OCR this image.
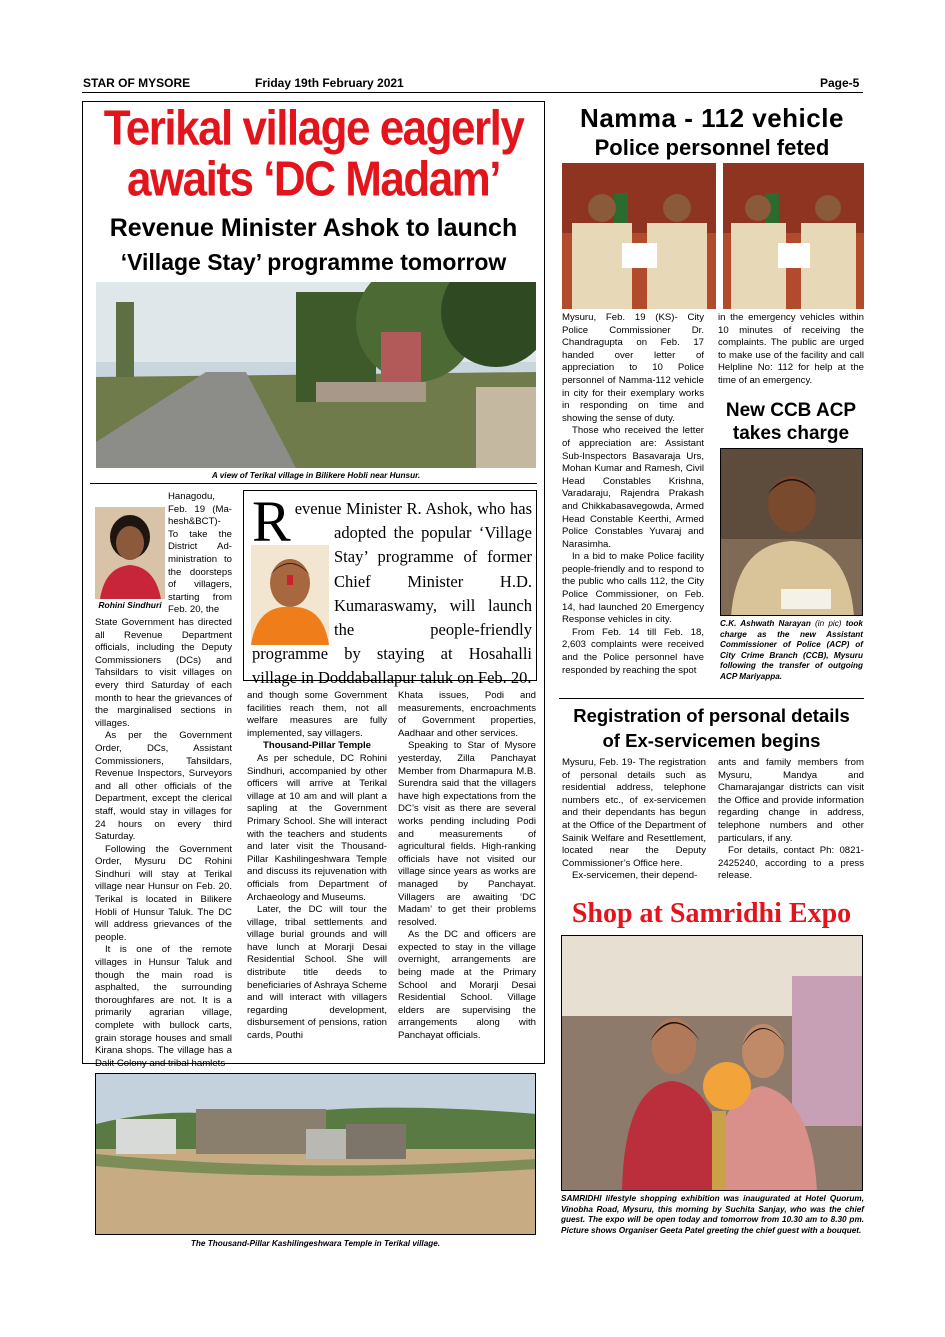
STAR OF MYSORE	Friday 19th February 2021	Page-5
Terikal village eagerly
awaits ‘DC Madam’
Revenue Minister Ashok to launch
‘Village Stay’ programme tomorrow
A view of Terikal village in Bilikere Hobli near Hunsur.
Hanagodu, Feb. 19 (Ma-hesh&BCT)- To take the District Ad-ministration to the doorsteps of villagers, starting from Feb. 20, the
Rohini Sindhuri

State Government has directed all Revenue Department officials, including the Deputy Commissioners (DCs) and Tahsildars to visit villages on every third Saturday of each month to hear the grievances of the marginalised sections in villages.

As per the Government Order, DCs, Assistant Commissioners, Tahsildars, Revenue Inspectors, Surveyors and all other officials of the Department, except the clerical staff, would stay in villages for 24 hours on every third Saturday.

Following the Government Order, Mysuru DC Rohini Sindhuri will stay at Terikal village near Hunsur on Feb. 20. Terikal is located in Bilikere Hobli of Hunsur Taluk. The DC will address grievances of the people.

It is one of the remote villages in Hunsur Taluk and though the main road is asphalted, the surrounding thoroughfares are not. It is a primarily agrarian village, complete with bullock carts, grain storage houses and small Kirana shops. The village has a Dalit Colony and tribal hamlets

R evenue Minister R. Ashok, who has adopted the popular ‘Village Stay’ programme of former Chief Minister H.D. Kumaraswamy, will launch the people-friendly programme by staying at Hosahalli village in Doddaballapur taluk on Feb. 20.

and though some Government facilities reach them, not all welfare measures are fully implemented, say villagers.

Thousand-Pillar Temple

As per schedule, DC Rohini Sindhuri, accompanied by other officers will arrive at Terikal village at 10 am and will plant a sapling at the Government Primary School. She will interact with the teachers and students and later visit the Thousand-Pillar Kashilingeshwara Temple and discuss its rejuvenation with officials from Department of Archaeology and Museums.

Later, the DC will tour the village, tribal settlements and village burial grounds and will have lunch at Morarji Desai Residential School. She will distribute title deeds to beneficiaries of Ashraya Scheme and will interact with villagers regarding development, disbursement of pensions, ration cards, Pouthi

Khata issues, Podi and measurements, encroachments of Government properties, Aadhaar and other services.

Speaking to Star of Mysore yesterday, Zilla Panchayat Member from Dharmapura M.B. Surendra said that the villagers have high expectations from the DC’s visit as there are several works pending including Podi and measurements of agricultural fields. High-ranking officials have not visited our village since years as works are managed by Panchayat. Villagers are awaiting ‘DC Madam’ to get their problems resolved.

As the DC and officers are expected to stay in the village overnight, arrangements are being made at the Primary School and Morarji Desai Residential School. Village elders are supervising the arrangements along with Panchayat officials.

The Thousand-Pillar Kashilingeshwara Temple in Terikal village.
Namma - 112 vehicle
Police personnel feted

Mysuru, Feb. 19 (KS)- City Police Commissioner Dr. Chandragupta on Feb. 17 handed over letter of appreciation to 10 Police personnel of Namma-112 vehicle in city for their exemplary works in responding on time and showing the sense of duty.

Those who received the letter of appreciation are: Assistant Sub-Inspectors Basavaraja Urs, Mohan Kumar and Ramesh, Civil Head Constables Krishna, Varadaraju, Rajendra Prakash and Chikkabasavegowda, Armed Head Constable Keerthi, Armed Police Constables Yuvaraj and Narasimha.

In a bid to make Police facility people-friendly and to respond to the public who calls 112, the City Police Commissioner, on Feb. 14, had launched 20 Emergency Response vehicles in city.

From Feb. 14 till Feb. 18, 2,603 complaints were received and the Police personnel have responded by reaching the spot

in the emergency vehicles within 10 minutes of receiving the complaints. The public are urged to make use of the facility and call Helpline No: 112 for help at the time of an emergency.
New CCB ACP
takes charge
C.K. Ashwath Narayan (in pic) took charge as the new Assistant Commissioner of Police (ACP) of City Crime Branch (CCB), Mysuru following the transfer of outgoing ACP Mariyappa.
Registration of personal details
of Ex-servicemen begins

Mysuru, Feb. 19- The registration of personal details such as residential address, telephone numbers etc., of ex-servicemen and their dependants has begun at the Office of the Department of Sainik Welfare and Resettlement, located near the Deputy Commissioner’s Office here.

Ex-servicemen, their depend-

ants and family members from Mysuru, Mandya and Chamarajangar districts can visit the Office and provide information regarding change in address, telephone numbers and other particulars, if any.

For details, contact Ph: 0821-2425240, according to a press release.

Shop at Samridhi Expo
SAMRIDHI lifestyle shopping exhibition was inaugurated at Hotel Quorum, Vinobha Road, Mysuru, this morning by Suchita Sanjay, who was the chief guest. The expo will be open today and tomorrow from 10.30 am to 8.30 pm. Picture shows Organiser Geeta Patel greeting the chief guest with a bouquet.
